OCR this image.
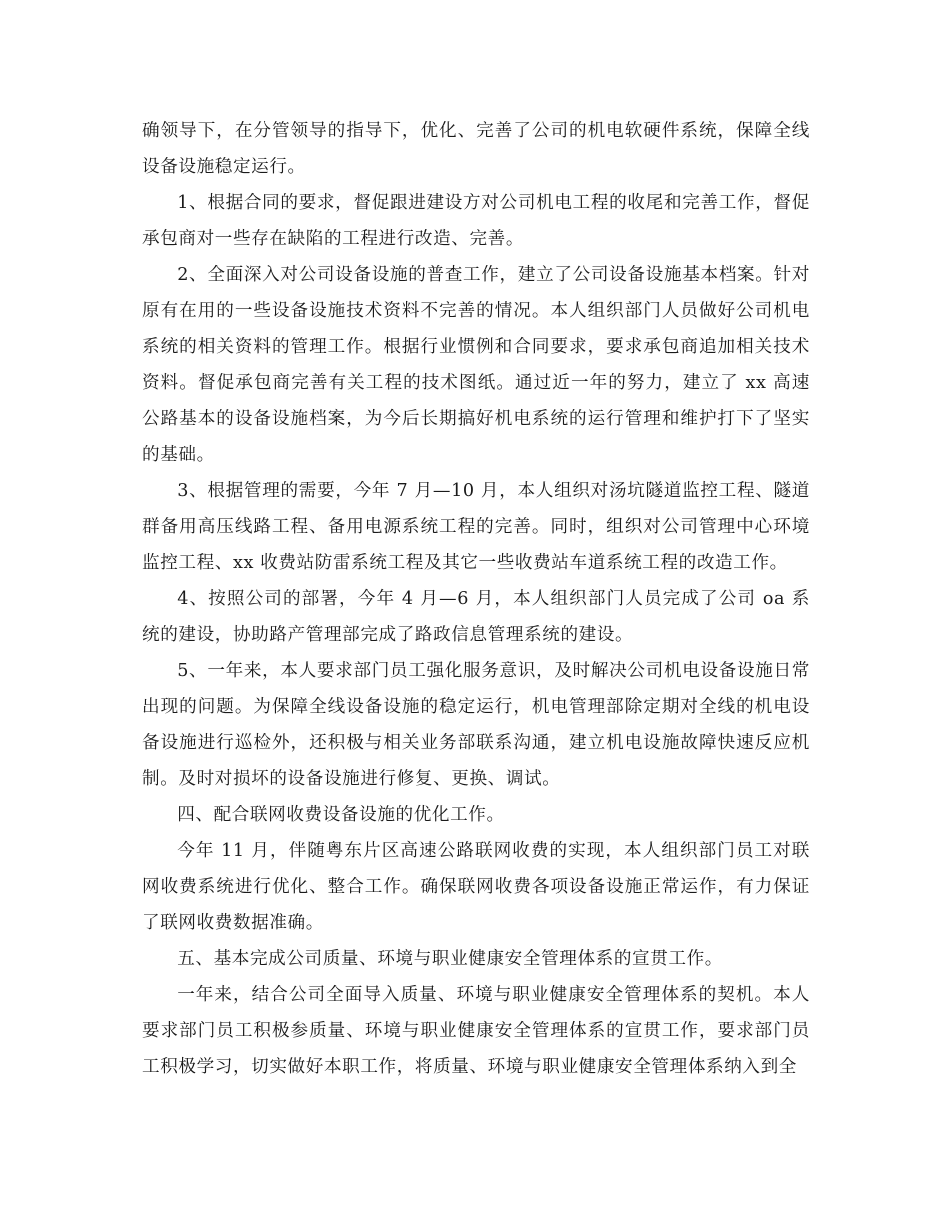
确领导下，在分管领导的指导下，优化、完善了公司的机电软硬件系统，保障全线设备设施稳定运行。

1、根据合同的要求，督促跟进建设方对公司机电工程的收尾和完善工作，督促承包商对一些存在缺陷的工程进行改造、完善。

2、全面深入对公司设备设施的普查工作，建立了公司设备设施基本档案。针对原有在用的一些设备设施技术资料不完善的情况。本人组织部门人员做好公司机电系统的相关资料的管理工作。根据行业惯例和合同要求，要求承包商追加相关技术资料。督促承包商完善有关工程的技术图纸。通过近一年的努力，建立了 xx 高速公路基本的设备设施档案，为今后长期搞好机电系统的运行管理和维护打下了坚实的基础。

3、根据管理的需要，今年 7 月—10 月，本人组织对汤坑隧道监控工程、隧道群备用高压线路工程、备用电源系统工程的完善。同时，组织对公司管理中心环境监控工程、xx 收费站防雷系统工程及其它一些收费站车道系统工程的改造工作。

4、按照公司的部署，今年 4 月—6 月，本人组织部门人员完成了公司 oa 系统的建设，协助路产管理部完成了路政信息管理系统的建设。

5、一年来，本人要求部门员工强化服务意识，及时解决公司机电设备设施日常出现的问题。为保障全线设备设施的稳定运行，机电管理部除定期对全线的机电设备设施进行巡检外，还积极与相关业务部联系沟通，建立机电设施故障快速反应机制。及时对损坏的设备设施进行修复、更换、调试。

四、配合联网收费设备设施的优化工作。

今年 11 月，伴随粤东片区高速公路联网收费的实现，本人组织部门员工对联网收费系统进行优化、整合工作。确保联网收费各项设备设施正常运作，有力保证了联网收费数据准确。

五、基本完成公司质量、环境与职业健康安全管理体系的宣贯工作。

一年来，结合公司全面导入质量、环境与职业健康安全管理体系的契机。本人要求部门员工积极参质量、环境与职业健康安全管理体系的宣贯工作，要求部门员工积极学习，切实做好本职工作，将质量、环境与职业健康安全管理体系纳入到全
